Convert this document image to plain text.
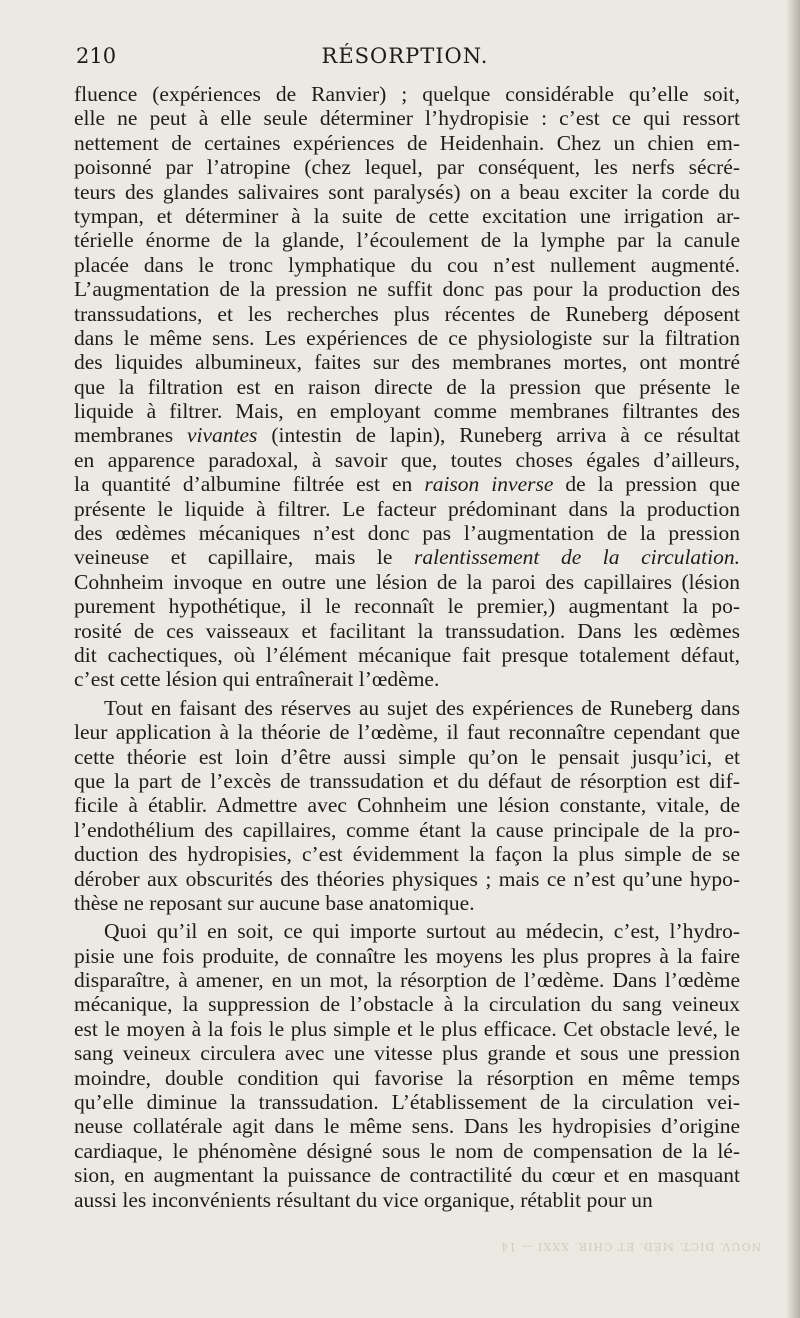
210	RÉSORPTION.
fluence (expériences de Ranvier) ; quelque considérable qu’elle soit,
elle ne peut à elle seule déterminer l’hydropisie : c’est ce qui ressort
nettement de certaines expériences de Heidenhain. Chez un chien em-
poisonné par l’atropine (chez lequel, par conséquent, les nerfs sécré-
teurs des glandes salivaires sont paralysés) on a beau exciter la corde du
tympan, et déterminer à la suite de cette excitation une irrigation ar-
térielle énorme de la glande, l’écoulement de la lymphe par la canule
placée dans le tronc lymphatique du cou n’est nullement augmenté.
L’augmentation de la pression ne suffit donc pas pour la production des
transsudations, et les recherches plus récentes de Runeberg déposent
dans le même sens. Les expériences de ce physiologiste sur la filtration
des liquides albumineux, faites sur des membranes mortes, ont montré
que la filtration est en raison directe de la pression que présente le
liquide à filtrer. Mais, en employant comme membranes filtrantes des
membranes vivantes (intestin de lapin), Runeberg arriva à ce résultat
en apparence paradoxal, à savoir que, toutes choses égales d’ailleurs,
la quantité d’albumine filtrée est en raison inverse de la pression que
présente le liquide à filtrer. Le facteur prédominant dans la production
des œdèmes mécaniques n’est donc pas l’augmentation de la pression
veineuse et capillaire, mais le ralentissement de la circulation.
Cohnheim invoque en outre une lésion de la paroi des capillaires (lésion
purement hypothétique, il le reconnaît le premier,) augmentant la po-
rosité de ces vaisseaux et facilitant la transsudation. Dans les œdèmes
dit cachectiques, où l’élément mécanique fait presque totalement défaut,
c’est cette lésion qui entraînerait l’œdème.
Tout en faisant des réserves au sujet des expériences de Runeberg dans
leur application à la théorie de l’œdème, il faut reconnaître cependant que
cette théorie est loin d’être aussi simple qu’on le pensait jusqu’ici, et
que la part de l’excès de transsudation et du défaut de résorption est dif-
ficile à établir. Admettre avec Cohnheim une lésion constante, vitale, de
l’endothélium des capillaires, comme étant la cause principale de la pro-
duction des hydropisies, c’est évidemment la façon la plus simple de se
dérober aux obscurités des théories physiques ; mais ce n’est qu’une hypo-
thèse ne reposant sur aucune base anatomique.
Quoi qu’il en soit, ce qui importe surtout au médecin, c’est, l’hydro-
pisie une fois produite, de connaître les moyens les plus propres à la faire
disparaître, à amener, en un mot, la résorption de l’œdème. Dans l’œdème
mécanique, la suppression de l’obstacle à la circulation du sang veineux
est le moyen à la fois le plus simple et le plus efficace. Cet obstacle levé, le
sang veineux circulera avec une vitesse plus grande et sous une pression
moindre, double condition qui favorise la résorption en même temps
qu’elle diminue la transsudation. L’établissement de la circulation vei-
neuse collatérale agit dans le même sens. Dans les hydropisies d’origine
cardiaque, le phénomène désigné sous le nom de compensation de la lé-
sion, en augmentant la puissance de contractilité du cœur et en masquant
aussi les inconvénients résultant du vice organique, rétablit pour un
NOUV. DICT. MÉD. ET CHIR. XXXI — 14
